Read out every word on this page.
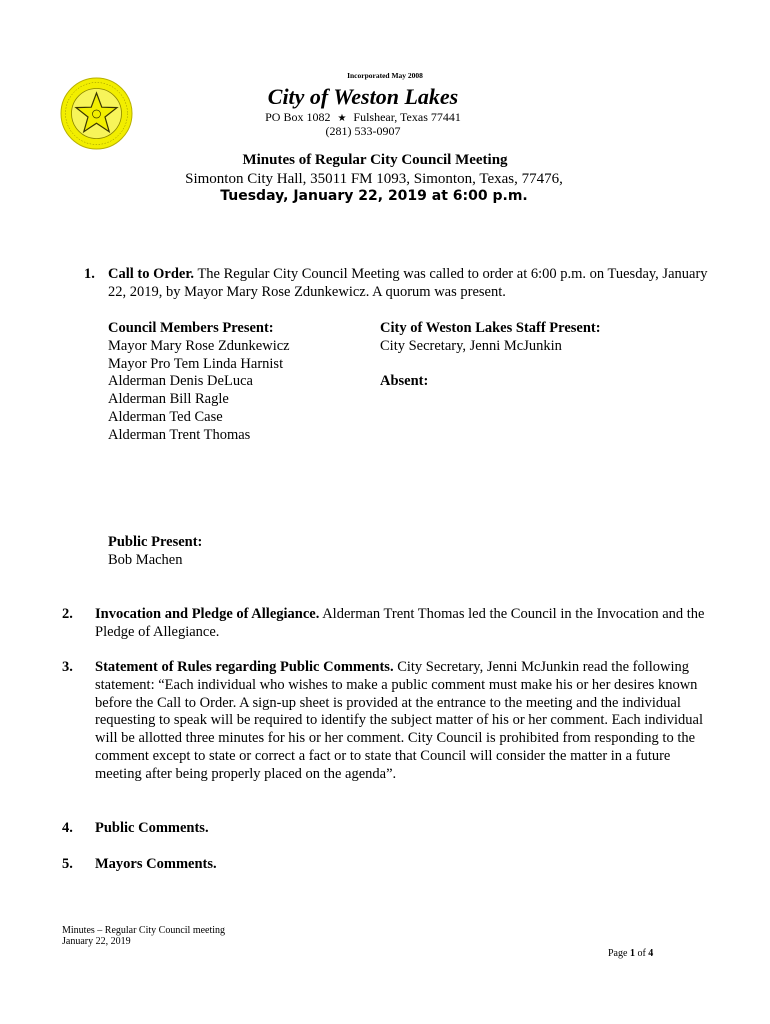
Incorporated May 2008
City of Weston Lakes
PO Box 1082 ★ Fulshear, Texas 77441
(281) 533-0907
Minutes of Regular City Council Meeting
Simonton City Hall, 35011 FM 1093, Simonton, Texas, 77476,
Tuesday, January 22, 2019 at 6:00 p.m.
1. Call to Order. The Regular City Council Meeting was called to order at 6:00 p.m. on Tuesday, January 22, 2019, by Mayor Mary Rose Zdunkewicz. A quorum was present.
Council Members Present:
Mayor Mary Rose Zdunkewicz
Mayor Pro Tem Linda Harnist
Alderman Denis DeLuca
Alderman Bill Ragle
Alderman Ted Case
Alderman Trent Thomas
City of Weston Lakes Staff Present:
City Secretary, Jenni McJunkin
Absent:
Public Present:
Bob Machen
2. Invocation and Pledge of Allegiance. Alderman Trent Thomas led the Council in the Invocation and the Pledge of Allegiance.
3. Statement of Rules regarding Public Comments. City Secretary, Jenni McJunkin read the following statement: “Each individual who wishes to make a public comment must make his or her desires known before the Call to Order. A sign-up sheet is provided at the entrance to the meeting and the individual requesting to speak will be required to identify the subject matter of his or her comment. Each individual will be allotted three minutes for his or her comment. City Council is prohibited from responding to the comment except to state or correct a fact or to state that Council will consider the matter in a future meeting after being properly placed on the agenda”.
4. Public Comments.
5. Mayors Comments.
Minutes – Regular City Council meeting
January 22, 2019
Page 1 of 4
